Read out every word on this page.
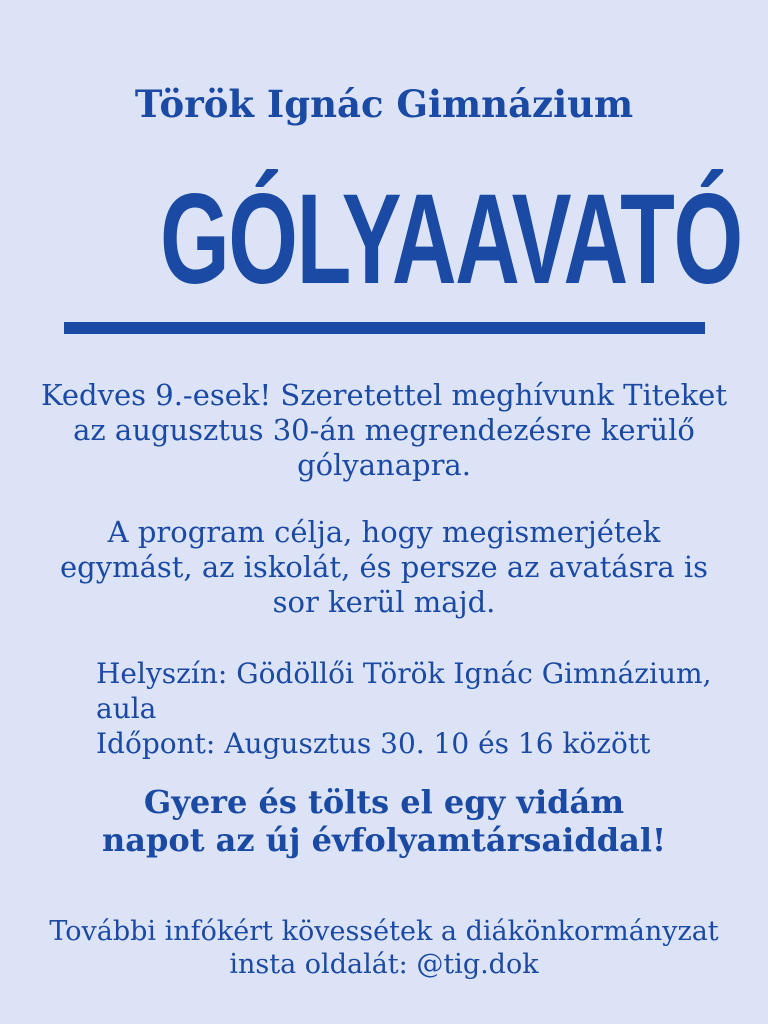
Török Ignác Gimnázium
GÓLYAAVATÓ
Kedves 9.-esek! Szeretettel meghívunk Titeket az augusztus 30-án megrendezésre kerülő gólyanapra.
A program célja, hogy megismerjétek egymást, az iskolát, és persze az avatásra is sor kerül majd.
Helyszín: Gödöllői Török Ignác Gimnázium, aula
Időpont: Augusztus 30. 10 és 16 között
Gyere és tölts el egy vidám napot az új évfolyamtársaiddal!
További infókért kövessétek a diákönkormányzat insta oldalát: @tig.dok
